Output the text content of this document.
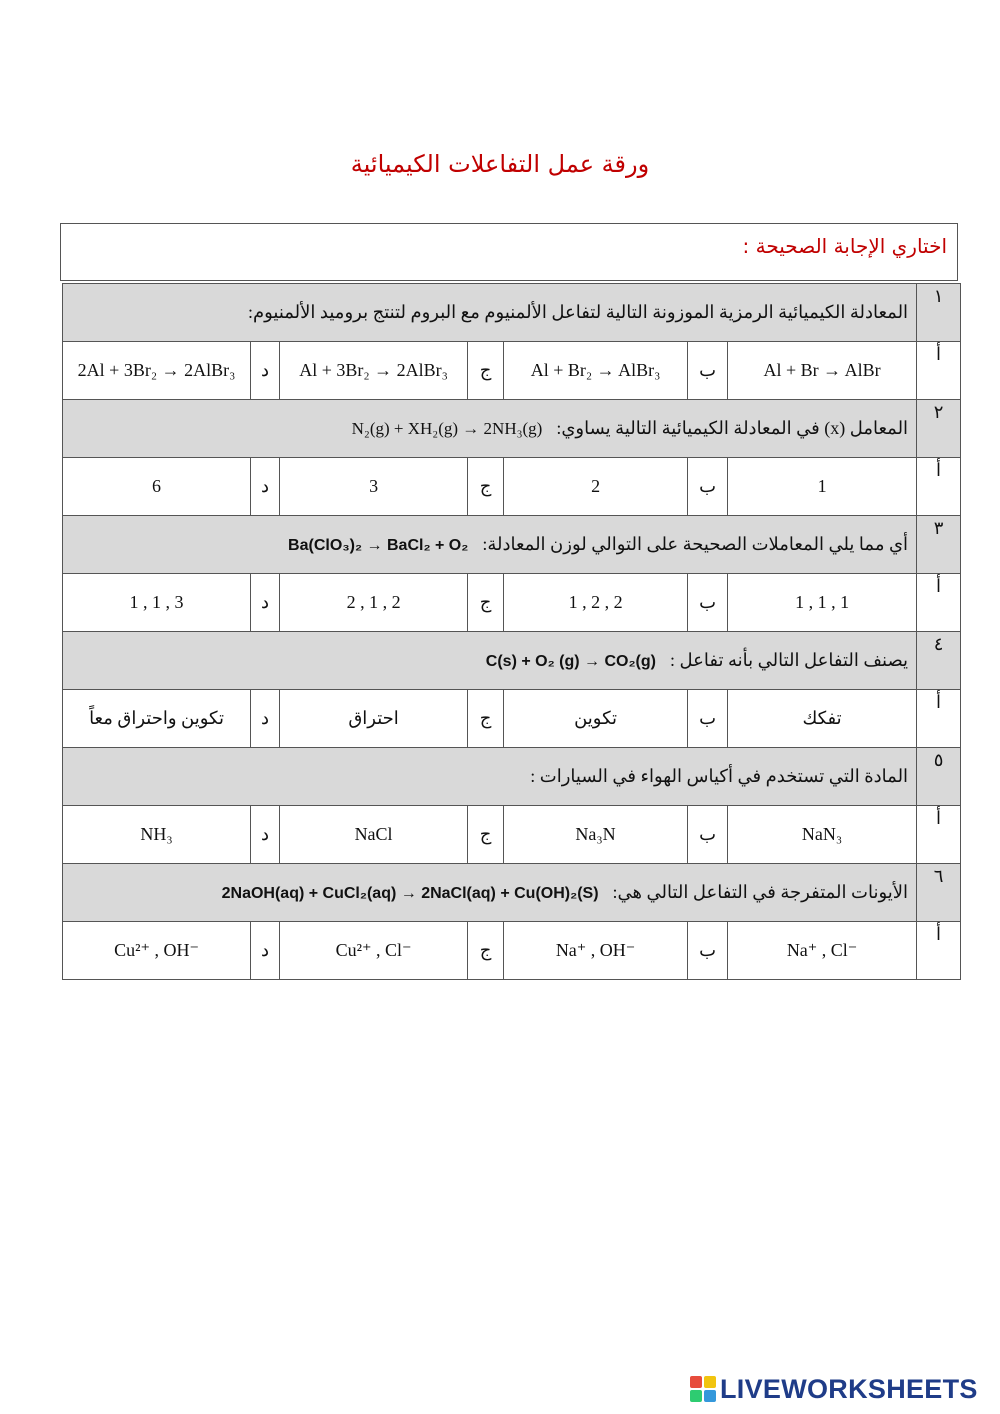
ورقة عمل التفاعلات الكيميائية
اختاري الإجابة الصحيحة :
١	المعادلة الكيميائية الرمزية الموزونة التالية لتفاعل الألمنيوم مع البروم لتنتج بروميد الألمنيوم:						
أ	Al + Br → AlBr	ب	Al + Br₂ → AlBr₃	ج	Al + 3Br₂ → 2AlBr₃	د	2Al + 3Br₂ → 2AlBr₃
٢	المعامل (x) في المعادلة الكيميائية التالية يساوي:N₂(g) + XH₂(g) → 2NH₃(g)						
أ	1	ب	2	ج	3	د	6
٣	أي مما يلي المعاملات الصحيحة على التوالي لوزن المعادلة:Ba(ClO₃)₂ → BaCl₂ + O₂						
أ	1 , 1 , 1	ب	1 , 2 , 2	ج	2 , 1 , 2	د	1 , 1 , 3
٤	يصنف التفاعل التالي بأنه تفاعل :C(s) + O₂ (g) → CO₂(g)						
أ	تفكك	ب	تكوين	ج	احتراق	د	تكوين واحتراق معاً
٥	المادة التي تستخدم في أكياس الهواء في السيارات :						
أ	NaN₃	ب	Na₃N	ج	NaCl	د	NH₃
٦	الأيونات المتفرجة في التفاعل التالي هي:2NaOH(aq) + CuCl₂(aq) → 2NaCl(aq) + Cu(OH)₂(S)						
أ	Na⁺ , Cl⁻	ب	Na⁺ , OH⁻	ج	Cu²⁺ , Cl⁻	د	Cu²⁺ , OH⁻
LIVEWORKSHEETS
